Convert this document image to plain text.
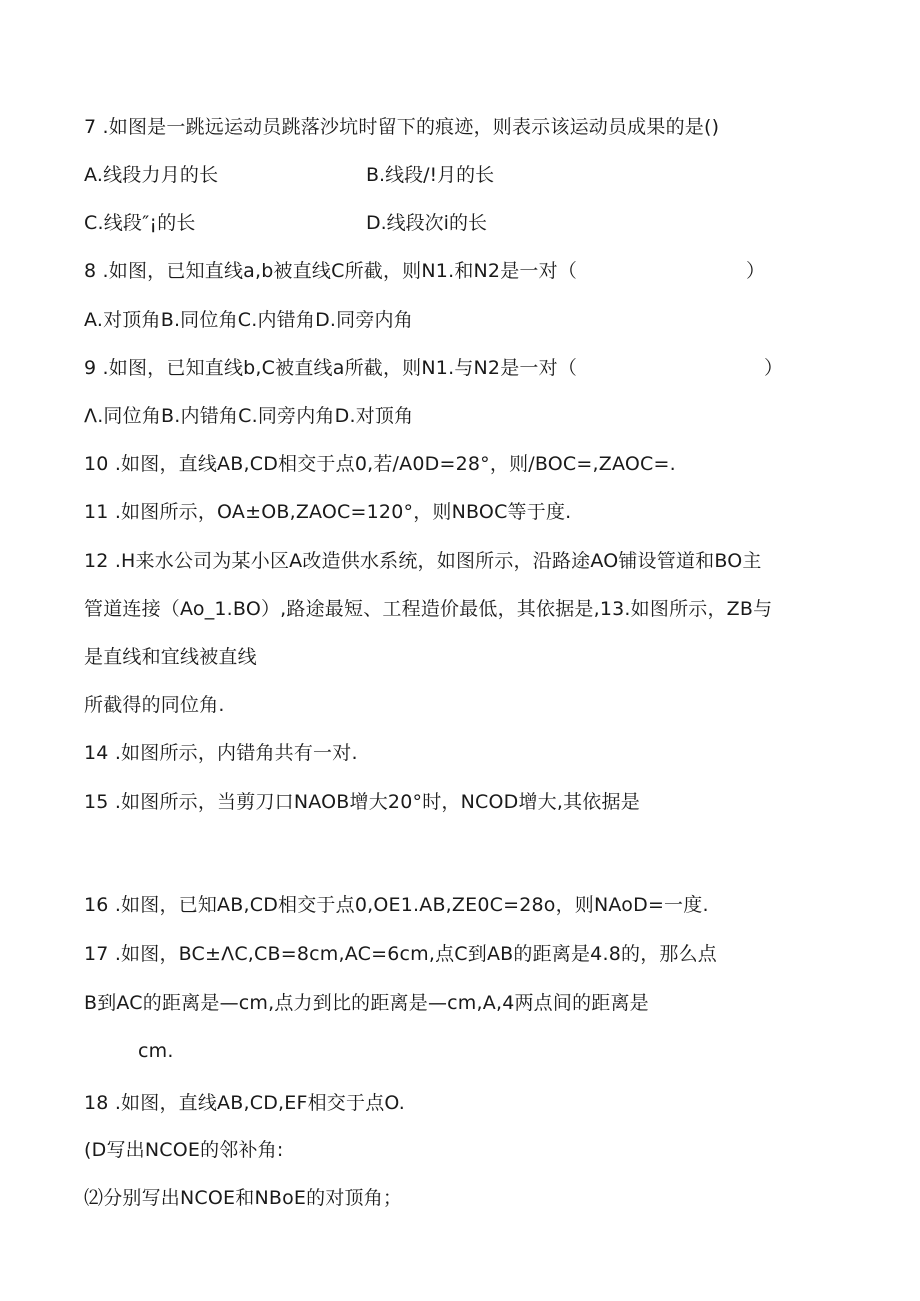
7 .如图是一跳远运动员跳落沙坑时留下的痕迹，则表示该运动员成果的是()
A.线段力月的长	B.线段/!月的长
C.线段″¡的长	D.线段次i的长
8 .如图，已知直线a,b被直线C所截，则N1.和N2是一对（	）
A.对顶角B.同位角C.内错角D.同旁内角
9 .如图，已知直线b,C被直线a所截，则N1.与N2是一对（	）
Λ.同位角B.内错角C.同旁内角D.对顶角
10 .如图，直线AB,CD相交于点0,若∕A0D=28°，则/BOC=,ZAOC=.
11 .如图所示，OA±OB,ZAOC=120°，则NBOC等于度.
12 .H来水公司为某小区A改造供水系统，如图所示，沿路途AO铺设管道和BO主
管道连接（Ao_1.BO）,路途最短、工程造价最低，其依据是,13.如图所示，ZB与
是直线和宜线被直线
所截得的同位角.
14 .如图所示，内错角共有一对.
15 .如图所示，当剪刀口NAOB增大20°时，NCOD增大,其依据是
16 .如图，已知AB,CD相交于点0,OE1.AB,ZE0C=28o，则NAoD=一度.
17 .如图，BC±ΛC,CB=8cm,AC=6cm,点C到AB的距离是4.8的，那么点
B到AC的距离是—cm,点力到比的距离是—cm,A,4两点间的距离是
cm.
18 .如图，直线AB,CD,EF相交于点O.
(D写出NCOE的邻补角:
⑵分别写出NCOE和NBoE的对顶角；
